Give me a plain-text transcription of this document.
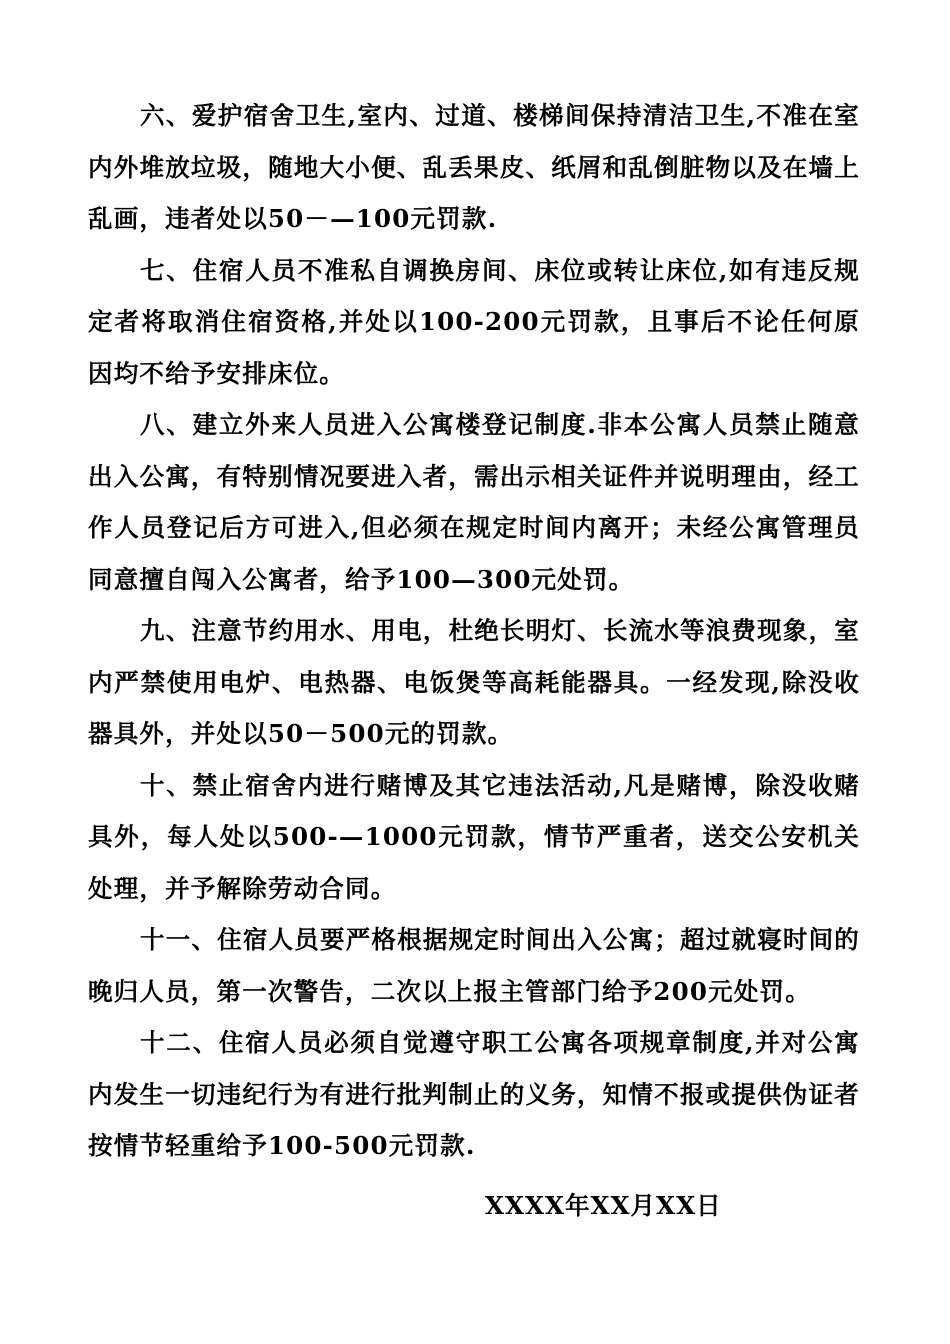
六、爱护宿舍卫生,室内、过道、楼梯间保持清洁卫生,不准在室内外堆放垃圾，随地大小便、乱丢果皮、纸屑和乱倒脏物以及在墙上乱画，违者处以50－—100元罚款.

七、住宿人员不准私自调换房间、床位或转让床位,如有违反规定者将取消住宿资格,并处以100-200元罚款，且事后不论任何原因均不给予安排床位。

八、建立外来人员进入公寓楼登记制度.非本公寓人员禁止随意出入公寓，有特别情况要进入者，需出示相关证件并说明理由，经工作人员登记后方可进入,但必须在规定时间内离开；未经公寓管理员同意擅自闯入公寓者，给予100—300元处罚。

九、注意节约用水、用电，杜绝长明灯、长流水等浪费现象，室内严禁使用电炉、电热器、电饭煲等高耗能器具。一经发现,除没收器具外，并处以50－500元的罚款。

十、禁止宿舍内进行赌博及其它违法活动,凡是赌博，除没收赌具外，每人处以500-—1000元罚款，情节严重者，送交公安机关处理，并予解除劳动合同。

十一、住宿人员要严格根据规定时间出入公寓；超过就寝时间的晚归人员，第一次警告，二次以上报主管部门给予200元处罚。

十二、住宿人员必须自觉遵守职工公寓各项规章制度,并对公寓内发生一切违纪行为有进行批判制止的义务，知情不报或提供伪证者按情节轻重给予100-500元罚款.

XXXX年XX月XX日
